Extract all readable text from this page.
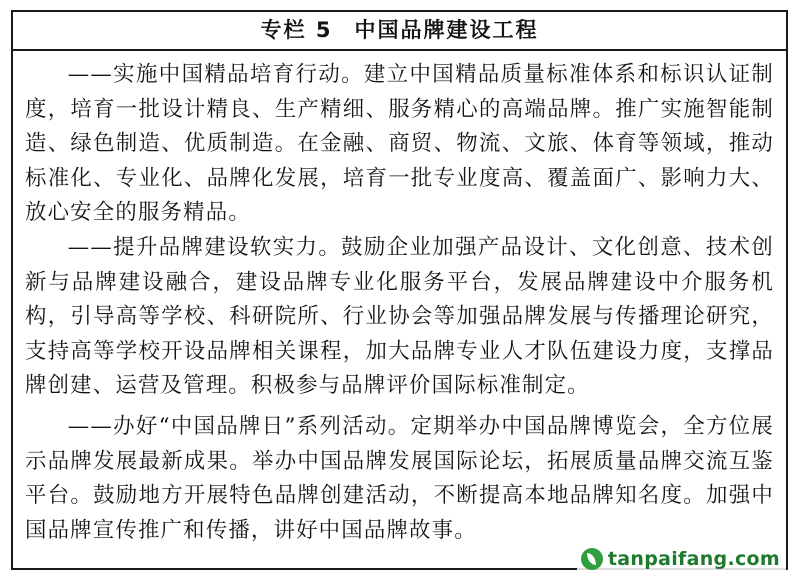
专栏 5 中国品牌建设工程

——实施中国精品培育行动。建立中国精品质量标准体系和标识认证制度，培育一批设计精良、生产精细、服务精心的高端品牌。推广实施智能制造、绿色制造、优质制造。在金融、商贸、物流、文旅、体育等领域，推动标准化、专业化、品牌化发展，培育一批专业度高、覆盖面广、影响力大、放心安全的服务精品。

——提升品牌建设软实力。鼓励企业加强产品设计、文化创意、技术创新与品牌建设融合，建设品牌专业化服务平台，发展品牌建设中介服务机构，引导高等学校、科研院所、行业协会等加强品牌发展与传播理论研究，支持高等学校开设品牌相关课程，加大品牌专业人才队伍建设力度，支撑品牌创建、运营及管理。积极参与品牌评价国际标准制定。

——办好“中国品牌日”系列活动。定期举办中国品牌博览会，全方位展示品牌发展最新成果。举办中国品牌发展国际论坛，拓展质量品牌交流互鉴平台。鼓励地方开展特色品牌创建活动，不断提高本地品牌知名度。加强中国品牌宣传推广和传播，讲好中国品牌故事。

tanpaifang.com
